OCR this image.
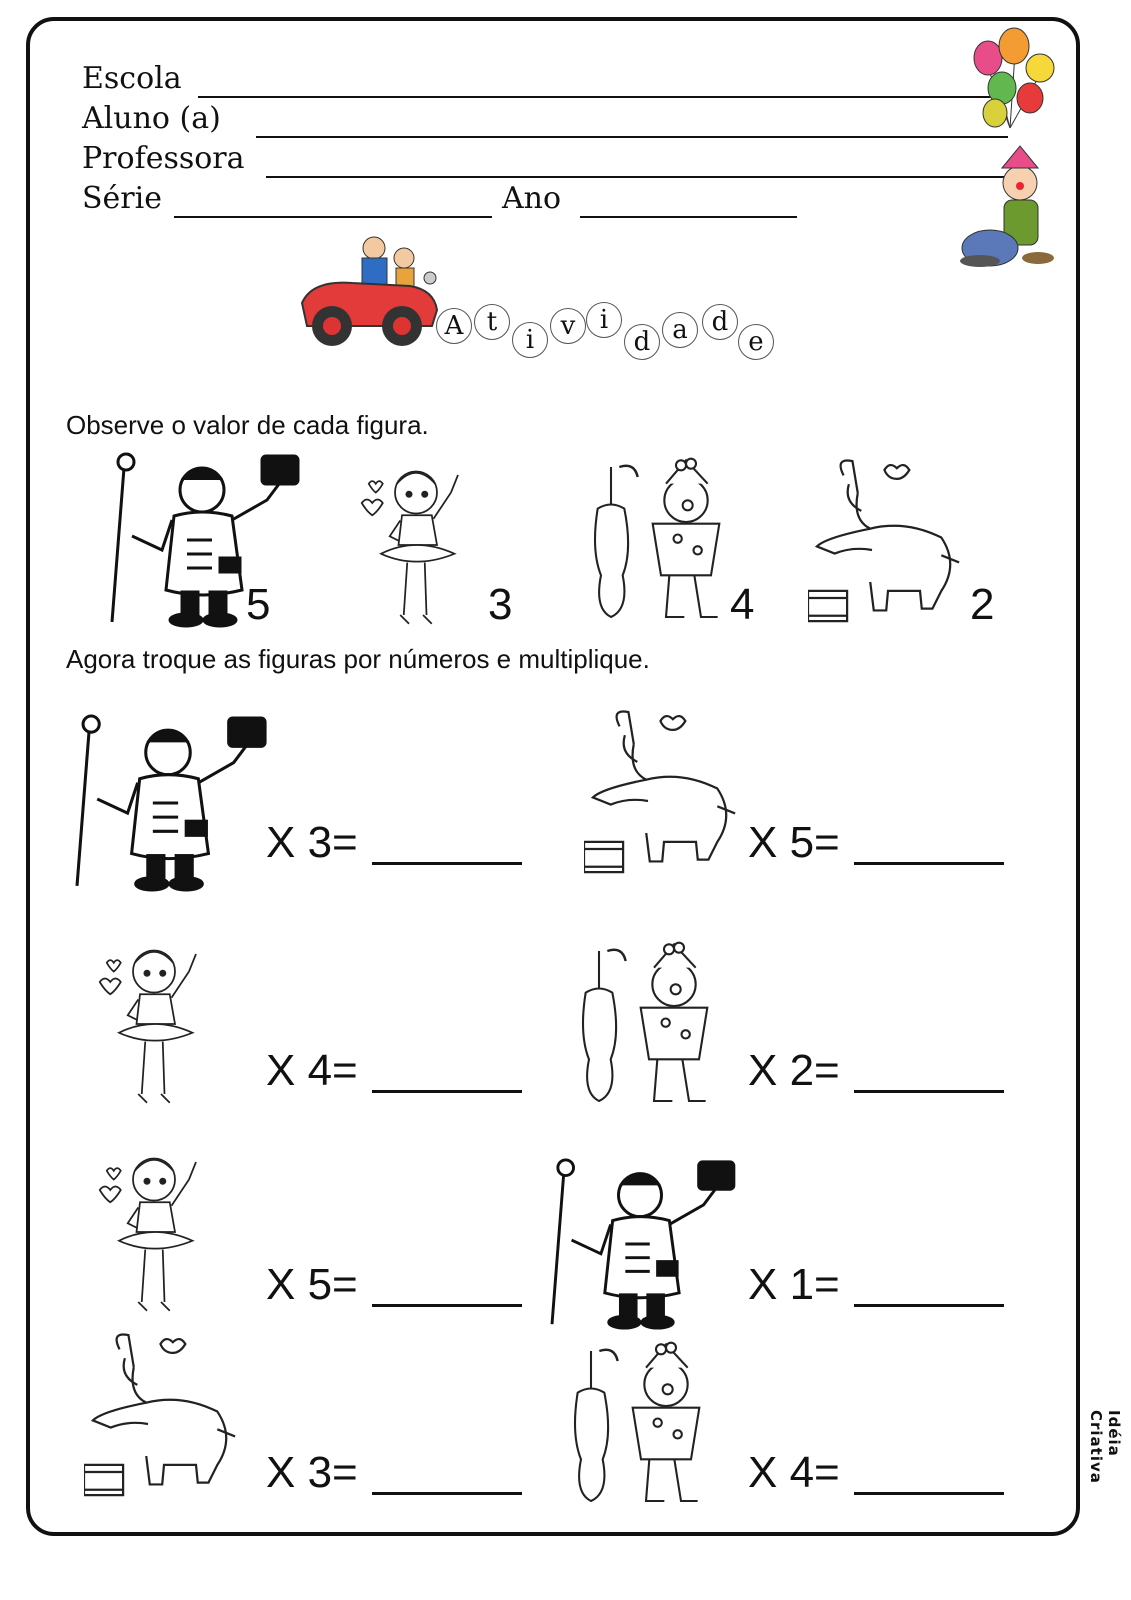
Escola
Aluno (a)
Professora
Série	Ano
A t
i	v i
d a d
e
Observe o valor de cada figura.
Agora troque as figuras por números e multiplique.
5	3	4	2
X 3=	X 5=
X 4=	X 2=
X 5=	X 1=
X 3=	X 4=
Idéia Criativa
